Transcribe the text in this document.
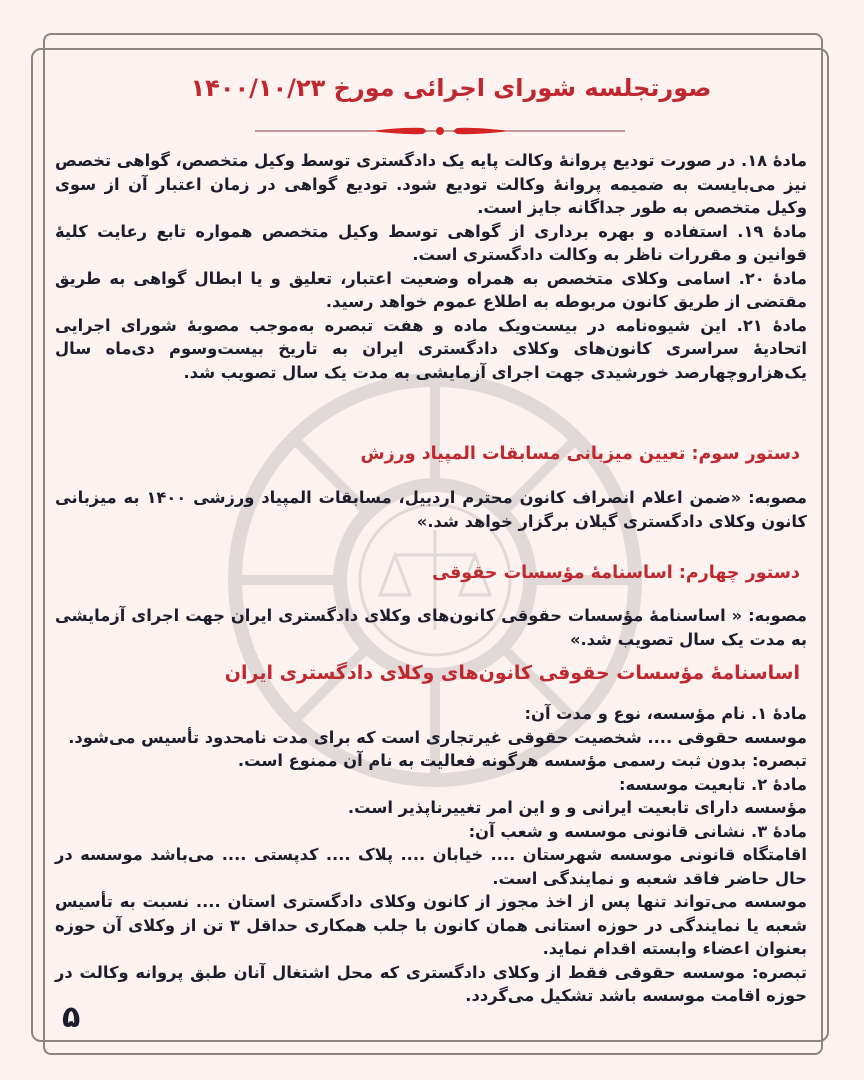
صورتجلسه شورای اجرائی مورخ ۱۴۰۰/۱۰/۲۳

مادهٔ ۱۸. در صورت تودیع پروانهٔ وکالت پایه یک دادگستری توسط وکیل متخصص، گواهی تخصص نیز می‌بایست به ضمیمه پروانهٔ وکالت تودیع شود. تودیع گواهی در زمان اعتبار آن از سوی وکیل متخصص به طور جداگانه جایز است.

مادهٔ ۱۹. استفاده و بهره برداری از گواهی توسط وکیل متخصص همواره تابع رعایت کلیهٔ قوانین و مقررات ناظر به وکالت دادگستری است.

مادهٔ ۲۰. اسامی وکلای متخصص به همراه وضعیت اعتبار، تعلیق و یا ابطال گواهی به طریق مقتضی از طریق کانون مربوطه به اطلاع عموم خواهد رسید.

مادهٔ ۲۱. این شیوه‌نامه در بیست‌ویک ماده و هفت تبصره به‌موجب مصوبهٔ شورای اجرایی اتحادیهٔ سراسری کانون‌های وکلای دادگستری ایران به تاریخ بیست‌وسوم دی‌ماه سال یک‌هزاروچهارصد خورشیدی جهت اجرای آزمایشی به مدت یک سال تصویب شد.

دستور سوم: تعیین میزبانی مسابقات المپیاد ورزش
مصوبه: «ضمن اعلام انصراف کانون محترم اردبیل، مسابقات المپیاد ورزشی ۱۴۰۰ به میزبانی کانون وکلای دادگستری گیلان برگزار خواهد شد.»
دستور چهارم: اساسنامهٔ مؤسسات حقوقی
مصوبه: « اساسنامهٔ مؤسسات حقوقی کانون‌های وکلای دادگستری ایران جهت اجرای آزمایشی به مدت یک سال تصویب شد.»
اساسنامهٔ مؤسسات حقوقی کانون‌های وکلای دادگستری ایران

مادهٔ ۱. نام مؤسسه، نوع و مدت آن:

موسسه حقوقی .... شخصیت حقوقی غیرتجاری است که برای مدت نامحدود تأسیس می‌شود.

تبصره: بدون ثبت رسمی مؤسسه هرگونه فعالیت به نام آن ممنوع است.

مادهٔ ۲. تابعیت موسسه:

مؤسسه دارای تابعیت ایرانی و و این امر تغییرناپذیر است.

مادهٔ ۳. نشانی قانونی موسسه و شعب آن:

اقامتگاه قانونی موسسه شهرستان .... خیابان .... پلاک .... کدپستی .... می‌باشد موسسه در حال حاضر فاقد شعبه و نمایندگی است.

موسسه می‌تواند تنها پس از اخذ مجوز از کانون وکلای دادگستری استان .... نسبت به تأسیس شعبه یا نمایندگی در حوزه استانی همان کانون با جلب همکاری حداقل ۳ تن از وکلای آن حوزه بعنوان اعضاء وابسته اقدام نماید.

تبصره: موسسه حقوقی فقط از وکلای دادگستری که محل اشتغال آنان طبق پروانه وکالت در حوزه اقامت موسسه باشد تشکیل می‌گردد.

۵
